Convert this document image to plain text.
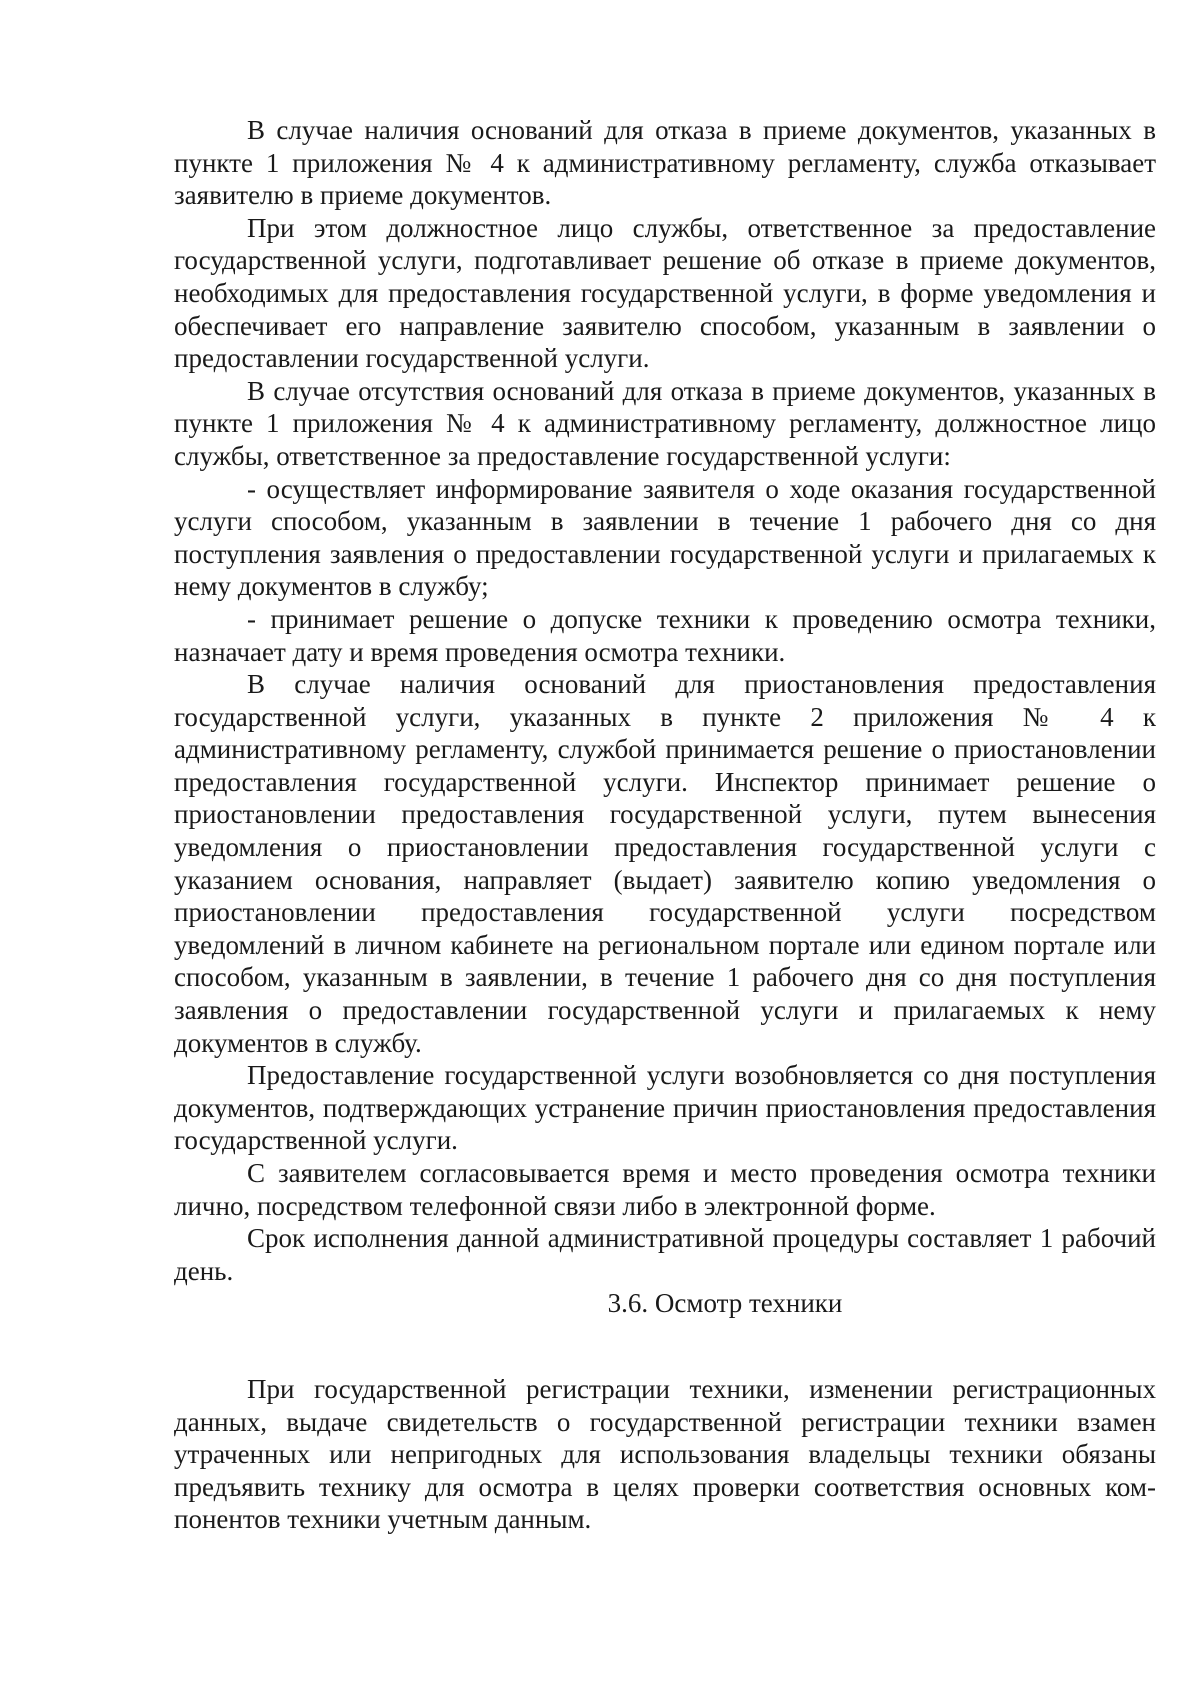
В случае наличия оснований для отказа в приеме документов, указанных в пункте 1 приложения № 4 к административному регламенту, служба отказывает заявителю в приеме документов.

При этом должностное лицо службы, ответственное за предоставление государственной услуги, подготавливает решение об отказе в приеме документов, необходимых для предоставления государственной услуги, в форме уведомления и обеспечивает его направление заявителю способом, указанным в заявлении о предоставлении государственной услуги.

В случае отсутствия оснований для отказа в приеме документов, указанных в пункте 1 приложения № 4 к административному регламенту, должностное лицо службы, ответственное за предоставление государственной услуги:

- осуществляет информирование заявителя о ходе оказания государственной услуги способом, указанным в заявлении в течение 1 рабочего дня со дня поступления заявления о предоставлении государственной услуги и прилагаемых к нему документов в службу;

- принимает решение о допуске техники к проведению осмотра техники, назначает дату и время проведения осмотра техники.

В случае наличия оснований для приостановления предоставления государственной услуги, указанных в пункте 2 приложения № 4 к административному регламенту, службой принимается решение о приостановлении предоставления государственной услуги. Инспектор принимает решение о приостановлении предоставления государственной услуги, путем вынесения уведомления о приостановлении предоставления государственной услуги с указанием основания, направляет (выдает) заявителю копию уведомления о приостановлении предоставления государственной услуги посредством уведомлений в личном кабинете на региональном портале или едином портале или способом, указанным в заявлении, в течение 1 рабочего дня со дня поступления заявления о предоставлении государственной услуги и прилагаемых к нему документов в службу.

Предоставление государственной услуги возобновляется со дня поступления документов, подтверждающих устранение причин приостановления предоставления государственной услуги.

С заявителем согласовывается время и место проведения осмотра техники лично, посредством телефонной связи либо в электронной форме.

Срок исполнения данной административной процедуры составляет 1 рабочий день.

3.6. Осмотр техники

При государственной регистрации техники, изменении регистрационных данных, выдаче свидетельств о государственной регистрации техники взамен утраченных или непригодных для использования владельцы техники обязаны предъявить технику для осмотра в целях проверки соответствия основных компонентов техники учетным данным.
